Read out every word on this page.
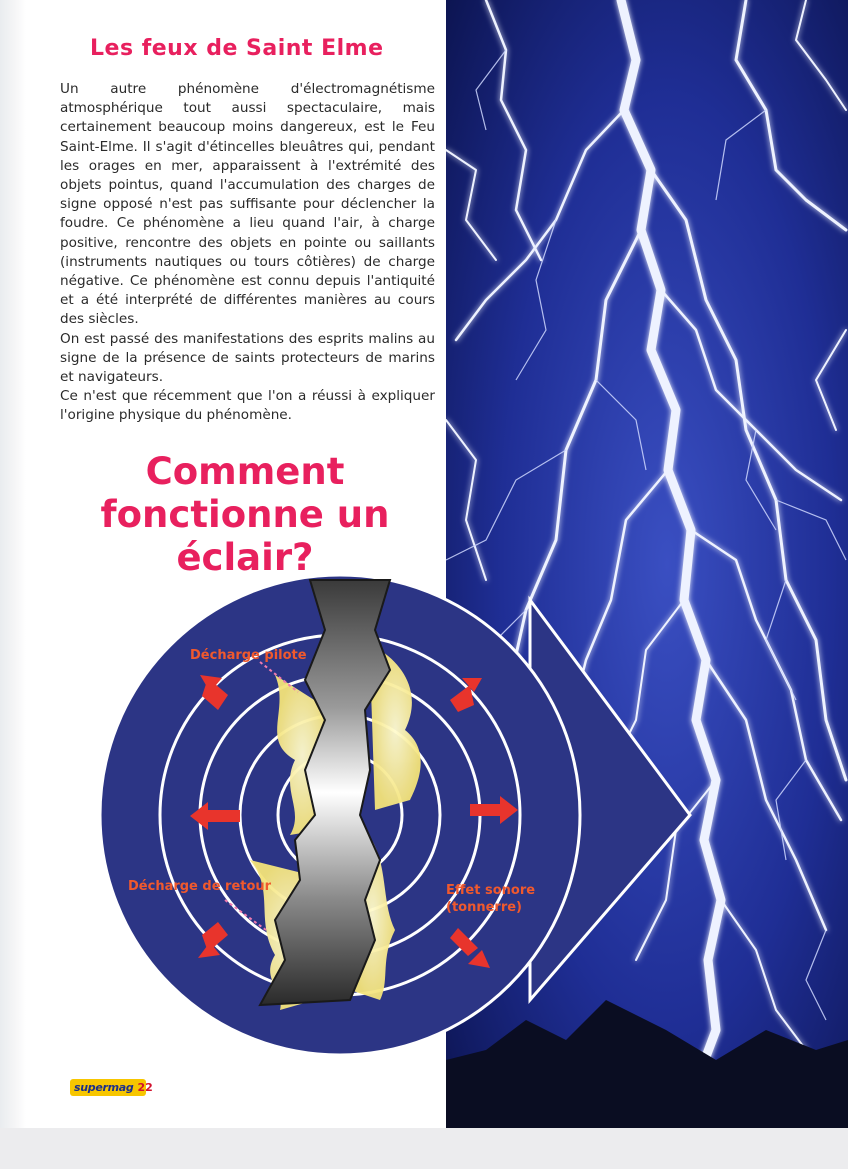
Les feux de Saint Elme

Un autre phénomène d'électromagnétisme atmosphérique tout aussi spectaculaire, mais certainement beaucoup moins dangereux, est le Feu Saint-Elme. Il s'agit d'étincelles bleuâtres qui, pendant les orages en mer, apparaissent à l'extrémité des objets pointus, quand l'accumulation des charges de signe opposé n'est pas suffisante pour déclencher la foudre. Ce phénomène a lieu quand l'air, à charge positive, rencontre des objets en pointe ou saillants (instruments nautiques ou tours côtières) de charge négative. Ce phénomène est connu depuis l'antiquité et a été interprété de différentes manières au cours des siècles.

On est passé des manifestations des esprits malins au signe de la présence de saints protecteurs de marins et navigateurs.

Ce n'est que récemment que l'on a réussi à expliquer l'origine physique du phénomène.

Comment
fonctionne un
éclair?
Décharge pilote
Décharge de retour	Effet sonore
(tonnerre)
supermag 22
